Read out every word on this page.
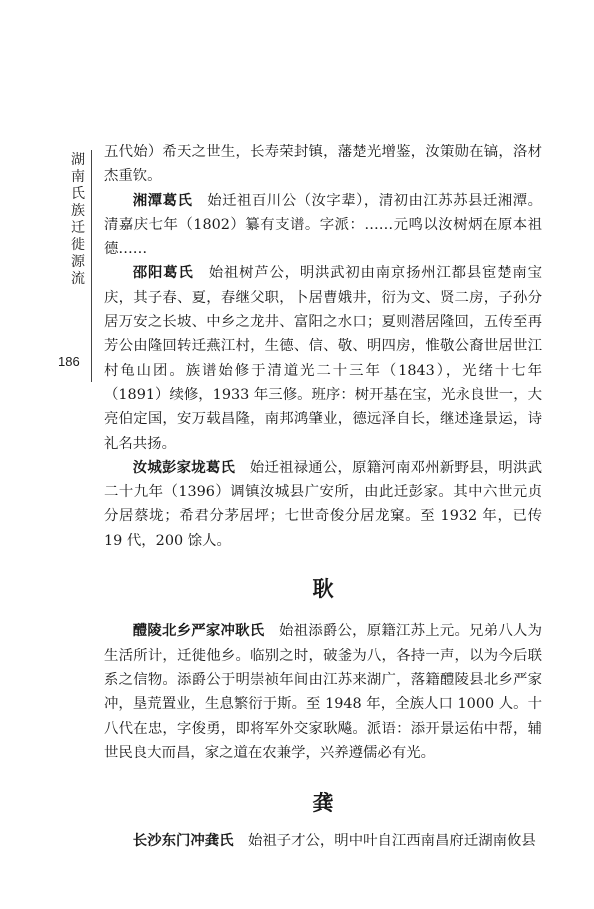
湖南氏族迁徙源流
186

五代始）希天之世生，长寿荣封镇，藩楚光增鉴，汝策勋在镐，洛材杰重钦。

湘潭葛氏　 始迁祖百川公（汝字辈），清初由江苏苏县迁湘潭。清嘉庆七年（1802）纂有支谱。字派：……元鸣以汝树炳在原本祖德……

邵阳葛氏　 始祖树芦公，明洪武初由南京扬州江都县宦楚南宝庆，其子春、夏，春继父职，卜居曹娥井，衍为文、贤二房，子孙分居万安之长坡、中乡之龙井、富阳之水口；夏则潜居隆回，五传至再芳公由隆回转迁燕江村，生德、信、敬、明四房，惟敬公裔世居世江村龟山团。族谱始修于清道光二十三年（1843），光绪十七年（1891）续修，1933 年三修。班序：树开基在宝，光永良世一，大亮伯定国，安万载昌隆，南邦鸿肇业，德远泽自长，继述逢景运，诗礼名共扬。

汝城彭家垅葛氏　 始迁祖禄通公，原籍河南邓州新野县，明洪武二十九年（1396）调镇汝城县广安所，由此迁彭家。其中六世元贞分居蔡垅；希君分茅居坪；七世奇俊分居龙窠。至 1932 年，已传 19 代，200 馀人。

耿

醴陵北乡严家冲耿氏　 始祖添爵公，原籍江苏上元。兄弟八人为生活所计，迁徙他乡。临别之时，破釜为八，各持一声，以为今后联系之信物。添爵公于明崇祯年间由江苏来湖广，落籍醴陵县北乡严家冲，垦荒置业，生息繁衍于斯。至 1948 年，全族人口 1000 人。十八代在忠，字俊勇，即将军外交家耿飚。派语：添开景运佑中帮，辅世民良大而昌，家之道在农兼学，兴养遵儒必有光。

龚

长沙东门冲龚氏　 始祖子才公，明中叶自江西南昌府迁湖南攸县
